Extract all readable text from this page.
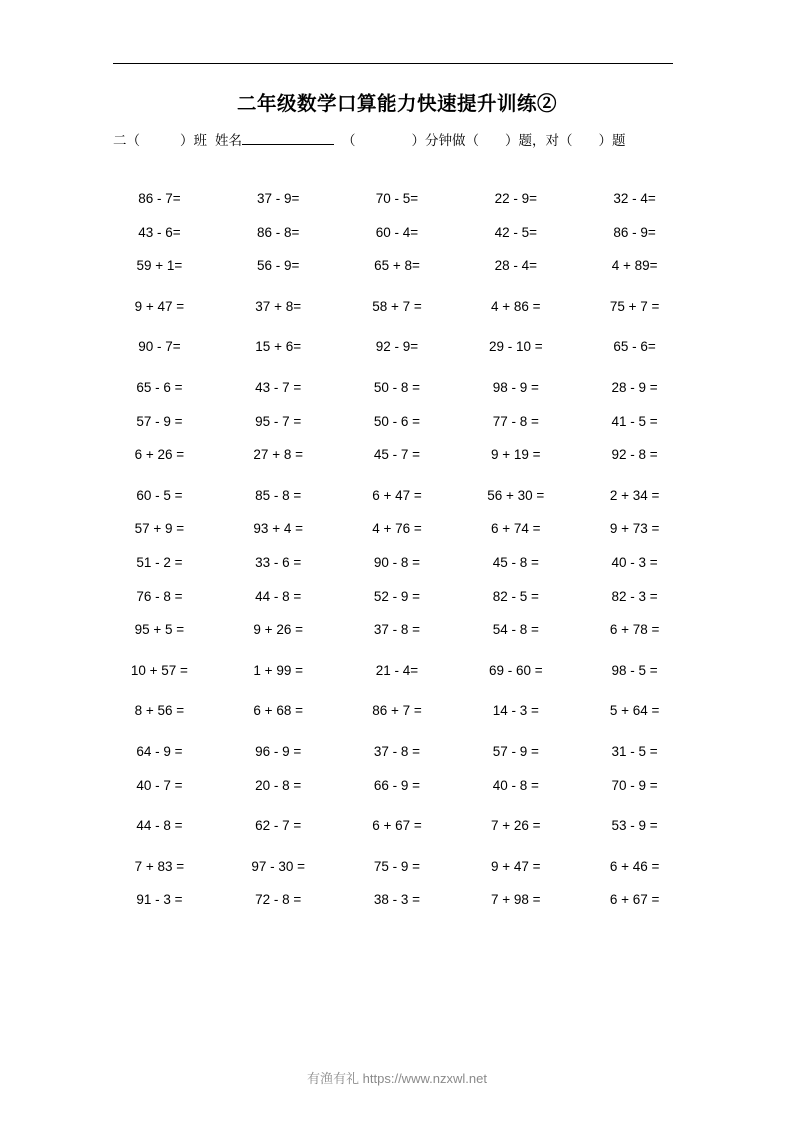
二年级数学口算能力快速提升训练②
二（	）班 姓名	（	）分钟做（ ）题，对（ ）题
86 - 7=	37 - 9=	70 - 5=	22 - 9=	32 - 4=
43 - 6=	86 - 8=	60 - 4=	42 - 5=	86 - 9=
59 + 1=	56 - 9=	65 + 8=	28 - 4=	4 + 89=
9 + 47 =	37 + 8=	58 + 7 =	4 + 86 =	75 + 7 =
90 - 7=	15 + 6=	92 - 9=	29 - 10 =	65 - 6=
65 - 6 =	43 - 7 =	50 - 8 =	98 - 9 =	28 - 9 =
57 - 9 =	95 - 7 =	50 - 6 =	77 - 8 =	41 - 5 =
6 + 26 =	27 + 8 =	45 - 7 =	9 + 19 =	92 - 8 =
60 - 5 =	85 - 8 =	6 + 47 =	56 + 30 =	2 + 34 =
57 + 9 =	93 + 4 =	4 + 76 =	6 + 74 =	9 + 73 =
51 - 2 =	33 - 6 =	90 - 8 =	45 - 8 =	40 - 3 =
76 - 8 =	44 - 8 =	52 - 9 =	82 - 5 =	82 - 3 =
95 + 5 =	9 + 26 =	37 - 8 =	54 - 8 =	6 + 78 =
10 + 57 =	1 + 99 =	21 - 4=	69 - 60 =	98 - 5 =
8 + 56 =	6 + 68 =	86 + 7 =	14 - 3 =	5 + 64 =
64 - 9 =	96 - 9 =	37 - 8 =	57 - 9 =	31 - 5 =
40 - 7 =	20 - 8 =	66 - 9 =	40 - 8 =	70 - 9 =
44 - 8 =	62 - 7 =	6 + 67 =	7 + 26 =	53 - 9 =
7 + 83 =	97 - 30 =	75 - 9 =	9 + 47 =	6 + 46 =
91 - 3 =	72 - 8 =	38 - 3 =	7 + 98 =	6 + 67 =
有渔有礼 https://www.nzxwl.net
